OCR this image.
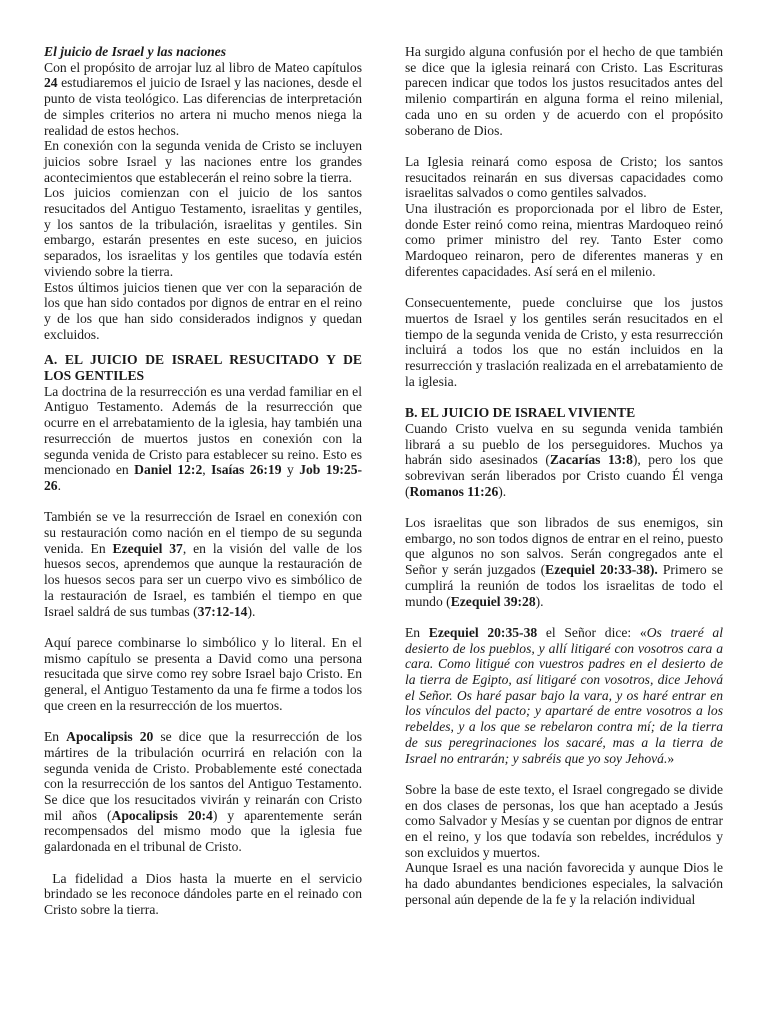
El juicio de Israel y las naciones

Con el propósito de arrojar luz al libro de Mateo capítulos 24 estudiaremos el juicio de Israel y las naciones, desde el punto de vista teológico. Las diferencias de interpretación de simples criterios no artera ni mucho menos niega la realidad de estos hechos.

En conexión con la segunda venida de Cristo se incluyen juicios sobre Israel y las naciones entre los grandes acontecimientos que establecerán el reino sobre la tierra.

Los juicios comienzan con el juicio de los santos resucitados del Antiguo Testamento, israelitas y gentiles, y los santos de la tribulación, israelitas y gentiles. Sin embargo, estarán presentes en este suceso, en juicios separados, los israelitas y los gentiles que todavía estén viviendo sobre la tierra.

Estos últimos juicios tienen que ver con la separación de los que han sido contados por dignos de entrar en el reino y de los que han sido considerados indignos y quedan excluidos.

A. EL JUICIO DE ISRAEL RESUCITADO Y DE LOS GENTILES

La doctrina de la resurrección es una verdad familiar en el Antiguo Testamento. Además de la resurrección que ocurre en el arrebatamiento de la iglesia, hay también una resurrección de muertos justos en conexión con la segunda venida de Cristo para establecer su reino. Esto es mencionado en Daniel 12:2, Isaías 26:19 y Job 19:25-26.

También se ve la resurrección de Israel en conexión con su restauración como nación en el tiempo de su segunda venida. En Ezequiel 37, en la visión del valle de los huesos secos, aprendemos que aunque la restauración de los huesos secos para ser un cuerpo vivo es simbólico de la restauración de Israel, es también el tiempo en que Israel saldrá de sus tumbas (37:12-14).

Aquí parece combinarse lo simbólico y lo literal. En el mismo capítulo se presenta a David como una persona resucitada que sirve como rey sobre Israel bajo Cristo. En general, el Antiguo Testamento da una fe firme a todos los que creen en la resurrección de los muertos.

En Apocalipsis 20 se dice que la resurrección de los mártires de la tribulación ocurrirá en relación con la segunda venida de Cristo. Probablemente esté conectada con la resurrección de los santos del Antiguo Testamento. Se dice que los resucitados vivirán y reinarán con Cristo mil años (Apocalipsis 20:4) y aparentemente serán recompensados del mismo modo que la iglesia fue galardonada en el tribunal de Cristo.

La fidelidad a Dios hasta la muerte en el servicio brindado se les reconoce dándoles parte en el reinado con Cristo sobre la tierra.

Ha surgido alguna confusión por el hecho de que también se dice que la iglesia reinará con Cristo. Las Escrituras parecen indicar que todos los justos resucitados antes del milenio compartirán en alguna forma el reino milenial, cada uno en su orden y de acuerdo con el propósito soberano de Dios.

La Iglesia reinará como esposa de Cristo; los santos resucitados reinarán en sus diversas capacidades como israelitas salvados o como gentiles salvados.

Una ilustración es proporcionada por el libro de Ester, donde Ester reinó como reina, mientras Mardoqueo reinó como primer ministro del rey. Tanto Ester como Mardoqueo reinaron, pero de diferentes maneras y en diferentes capacidades. Así será en el milenio.

Consecuentemente, puede concluirse que los justos muertos de Israel y los gentiles serán resucitados en el tiempo de la segunda venida de Cristo, y esta resurrección incluirá a todos los que no están incluidos en la resurrección y traslación realizada en el arrebatamiento de la iglesia.

B. EL JUICIO DE ISRAEL VIVIENTE

Cuando Cristo vuelva en su segunda venida también librará a su pueblo de los perseguidores. Muchos ya habrán sido asesinados (Zacarías 13:8), pero los que sobrevivan serán liberados por Cristo cuando Él venga (Romanos 11:26).

Los israelitas que son librados de sus enemigos, sin embargo, no son todos dignos de entrar en el reino, puesto que algunos no son salvos. Serán congregados ante el Señor y serán juzgados (Ezequiel 20:33-38). Primero se cumplirá la reunión de todos los israelitas de todo el mundo (Ezequiel 39:28).

En Ezequiel 20:35-38 el Señor dice: «Os traeré al desierto de los pueblos, y allí litigaré con vosotros cara a cara. Como litigué con vuestros padres en el desierto de la tierra de Egipto, así litigaré con vosotros, dice Jehová el Señor. Os haré pasar bajo la vara, y os haré entrar en los vínculos del pacto; y apartaré de entre vosotros a los rebeldes, y a los que se rebelaron contra mí; de la tierra de sus peregrinaciones los sacaré, mas a la tierra de Israel no entrarán; y sabréis que yo soy Jehová.»

Sobre la base de este texto, el Israel congregado se divide en dos clases de personas, los que han aceptado a Jesús como Salvador y Mesías y se cuentan por dignos de entrar en el reino, y los que todavía son rebeldes, incrédulos y son excluidos y muertos.

Aunque Israel es una nación favorecida y aunque Dios le ha dado abundantes bendiciones especiales, la salvación personal aún depende de la fe y la relación individual
